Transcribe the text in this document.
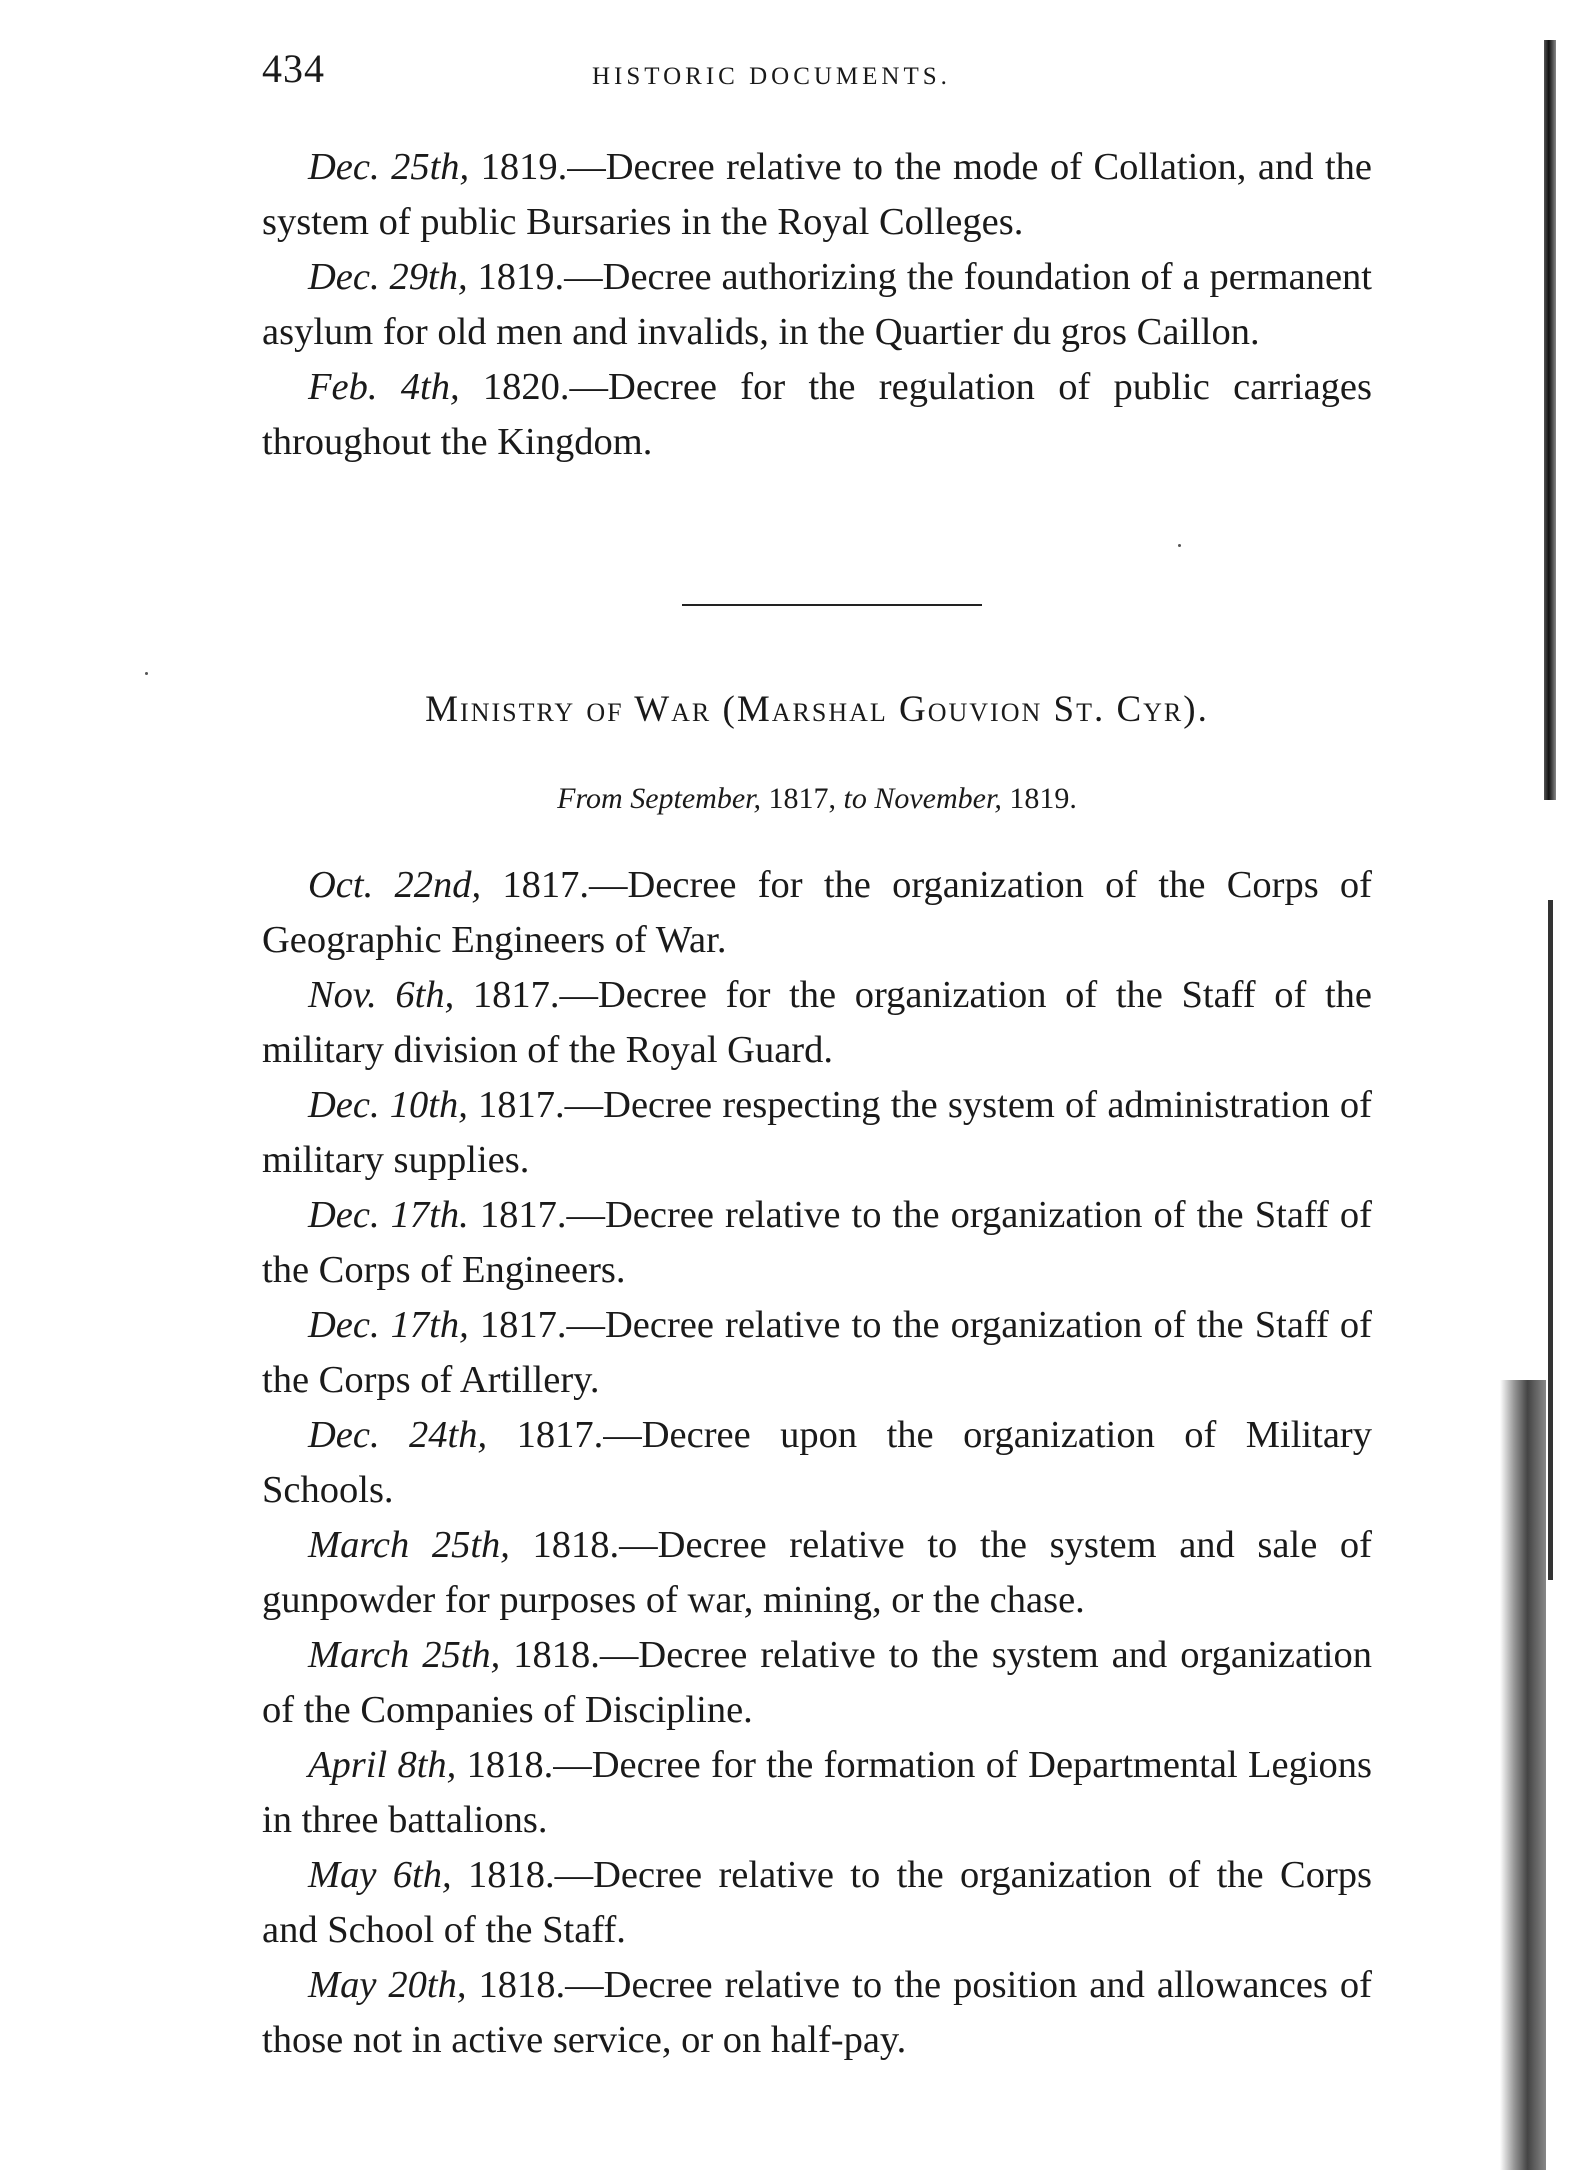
434	HISTORIC DOCUMENTS.

Dec. 25th, 1819.—Decree relative to the mode of Collation, and the system of public Bursaries in the Royal Colleges.

Dec. 29th, 1819.—Decree authorizing the foundation of a permanent asylum for old men and invalids, in the Quartier du gros Caillon.

Feb. 4th, 1820.—Decree for the regulation of public carriages throughout the Kingdom.

Ministry of War (Marshal Gouvion St. Cyr).
From September, 1817, to November, 1819.

Oct. 22nd, 1817.—Decree for the organization of the Corps of Geographic Engineers of War.

Nov. 6th, 1817.—Decree for the organization of the Staff of the military division of the Royal Guard.

Dec. 10th, 1817.—Decree respecting the system of administration of military supplies.

Dec. 17th. 1817.—Decree relative to the organization of the Staff of the Corps of Engineers.

Dec. 17th, 1817.—Decree relative to the organization of the Staff of the Corps of Artillery.

Dec. 24th, 1817.—Decree upon the organization of Military Schools.

March 25th, 1818.—Decree relative to the system and sale of gunpowder for purposes of war, mining, or the chase.

March 25th, 1818.—Decree relative to the system and organization of the Companies of Discipline.

April 8th, 1818.—Decree for the formation of Departmental Legions in three battalions.

May 6th, 1818.—Decree relative to the organization of the Corps and School of the Staff.

May 20th, 1818.—Decree relative to the position and allowances of those not in active service, or on half-pay.
